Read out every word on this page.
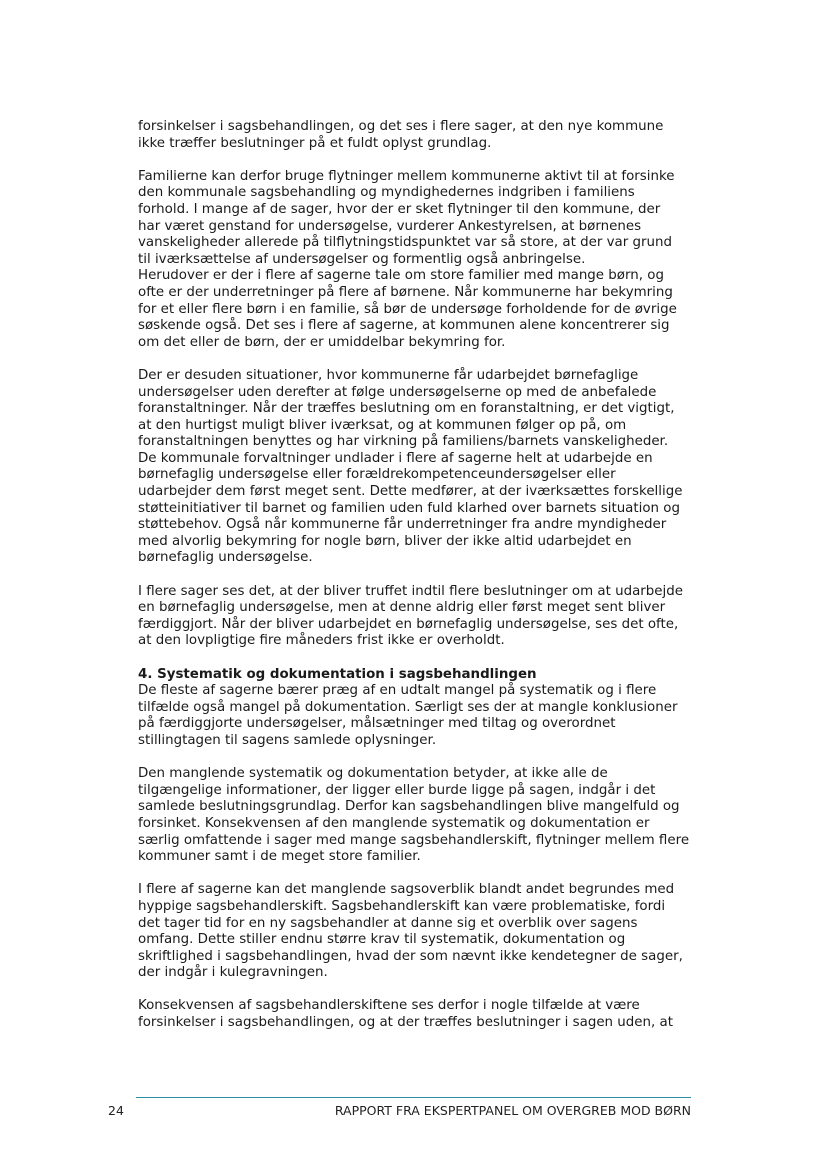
forsinkelser i sagsbehandlingen, og det ses i flere sager, at den nye kommune
ikke træffer beslutninger på et fuldt oplyst grundlag.
Familierne kan derfor bruge flytninger mellem kommunerne aktivt til at forsinke
den kommunale sagsbehandling og myndighedernes indgriben i familiens
forhold. I mange af de sager, hvor der er sket flytninger til den kommune, der
har været genstand for undersøgelse, vurderer Ankestyrelsen, at børnenes
vanskeligheder allerede på tilflytningstidspunktet var så store, at der var grund
til iværksættelse af undersøgelser og formentlig også anbringelse.
Herudover er der i flere af sagerne tale om store familier med mange børn, og
ofte er der underretninger på flere af børnene. Når kommunerne har bekymring
for et eller flere børn i en familie, så bør de undersøge forholdende for de øvrige
søskende også. Det ses i flere af sagerne, at kommunen alene koncentrerer sig
om det eller de børn, der er umiddelbar bekymring for.
Der er desuden situationer, hvor kommunerne får udarbejdet børnefaglige
undersøgelser uden derefter at følge undersøgelserne op med de anbefalede
foranstaltninger. Når der træffes beslutning om en foranstaltning, er det vigtigt,
at den hurtigst muligt bliver iværksat, og at kommunen følger op på, om
foranstaltningen benyttes og har virkning på familiens/barnets vanskeligheder.
De kommunale forvaltninger undlader i flere af sagerne helt at udarbejde en
børnefaglig undersøgelse eller forældrekompetenceundersøgelser eller
udarbejder dem først meget sent. Dette medfører, at der iværksættes forskellige
støtteinitiativer til barnet og familien uden fuld klarhed over barnets situation og
støttebehov. Også når kommunerne får underretninger fra andre myndigheder
med alvorlig bekymring for nogle børn, bliver der ikke altid udarbejdet en
børnefaglig undersøgelse.
I flere sager ses det, at der bliver truffet indtil flere beslutninger om at udarbejde
en børnefaglig undersøgelse, men at denne aldrig eller først meget sent bliver
færdiggjort. Når der bliver udarbejdet en børnefaglig undersøgelse, ses det ofte,
at den lovpligtige fire måneders frist ikke er overholdt.
4. Systematik og dokumentation i sagsbehandlingen
De fleste af sagerne bærer præg af en udtalt mangel på systematik og i flere
tilfælde også mangel på dokumentation. Særligt ses der at mangle konklusioner
på færdiggjorte undersøgelser, målsætninger med tiltag og overordnet
stillingtagen til sagens samlede oplysninger.
Den manglende systematik og dokumentation betyder, at ikke alle de
tilgængelige informationer, der ligger eller burde ligge på sagen, indgår i det
samlede beslutningsgrundlag. Derfor kan sagsbehandlingen blive mangelfuld og
forsinket. Konsekvensen af den manglende systematik og dokumentation er
særlig omfattende i sager med mange sagsbehandlerskift, flytninger mellem flere
kommuner samt i de meget store familier.
I flere af sagerne kan det manglende sagsoverblik blandt andet begrundes med
hyppige sagsbehandlerskift. Sagsbehandlerskift kan være problematiske, fordi
det tager tid for en ny sagsbehandler at danne sig et overblik over sagens
omfang. Dette stiller endnu større krav til systematik, dokumentation og
skriftlighed i sagsbehandlingen, hvad der som nævnt ikke kendetegner de sager,
der indgår i kulegravningen.
Konsekvensen af sagsbehandlerskiftene ses derfor i nogle tilfælde at være
forsinkelser i sagsbehandlingen, og at der træffes beslutninger i sagen uden, at
24	RAPPORT FRA EKSPERTPANEL OM OVERGREB MOD BØRN
